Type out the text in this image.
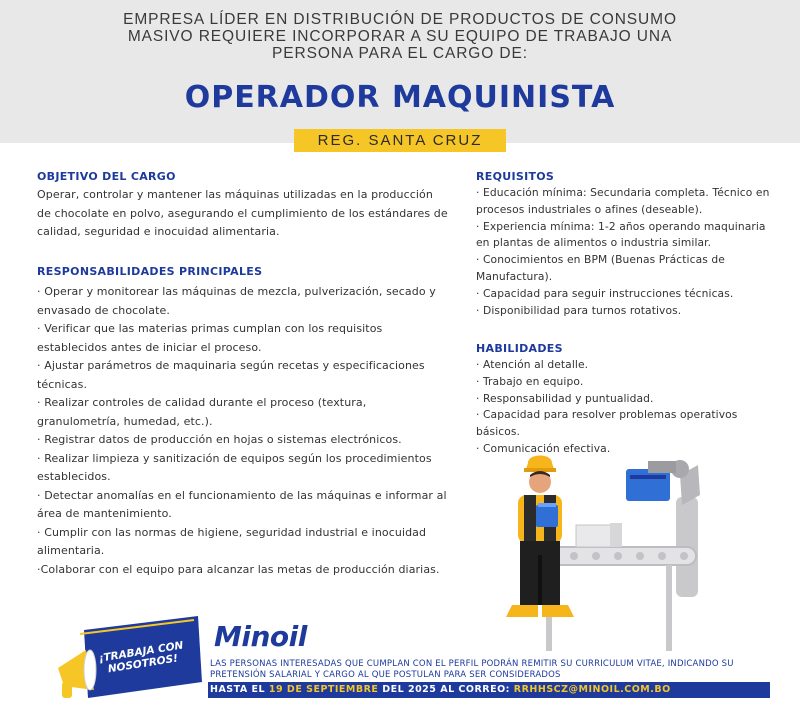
EMPRESA LÍDER EN DISTRIBUCIÓN DE PRODUCTOS DE CONSUMO MASIVO REQUIERE INCORPORAR A SU EQUIPO DE TRABAJO UNA PERSONA PARA EL CARGO DE:

OPERADOR MAQUINISTA
REG. SANTA CRUZ
OBJETIVO DEL CARGO

Operar, controlar y mantener las máquinas utilizadas en la producción de chocolate en polvo, asegurando el cumplimiento de los estándares de calidad, seguridad e inocuidad alimentaria.

RESPONSABILIDADES PRINCIPALES
· Operar y monitorear las máquinas de mezcla, pulverización, secado y envasado de chocolate.
· Verificar que las materias primas cumplan con los requisitos establecidos antes de iniciar el proceso.
· Ajustar parámetros de maquinaria según recetas y especificaciones técnicas.
· Realizar controles de calidad durante el proceso (textura, granulometría, humedad, etc.).
· Registrar datos de producción en hojas o sistemas electrónicos.
· Realizar limpieza y sanitización de equipos según los procedimientos establecidos.
· Detectar anomalías en el funcionamiento de las máquinas e informar al área de mantenimiento.
· Cumplir con las normas de higiene, seguridad industrial e inocuidad alimentaria.
·Colaborar con el equipo para alcanzar las metas de producción diarias.
REQUISITOS
· Educación mínima: Secundaria completa. Técnico en procesos industriales o afines (deseable).
· Experiencia mínima: 1-2 años operando maquinaria en plantas de alimentos o industria similar.
· Conocimientos en BPM (Buenas Prácticas de Manufactura).
· Capacidad para seguir instrucciones técnicas.
· Disponibilidad para turnos rotativos.
HABILIDADES
· Atención al detalle.
· Trabajo en equipo.
· Responsabilidad y puntualidad.
· Capacidad para resolver problemas operativos básicos.
· Comunicación efectiva.
¡TRABAJA CON NOSOTROS!
Minoil

LAS PERSONAS INTERESADAS QUE CUMPLAN CON EL PERFIL PODRÁN REMITIR SU CURRICULUM VITAE, INDICANDO SU PRETENSIÓN SALARIAL Y CARGO AL QUE POSTULAN PARA SER CONSIDERADOS

HASTA EL 19 DE SEPTIEMBRE DEL 2025 AL CORREO: RRHHSCZ@MINOIL.COM.BO
